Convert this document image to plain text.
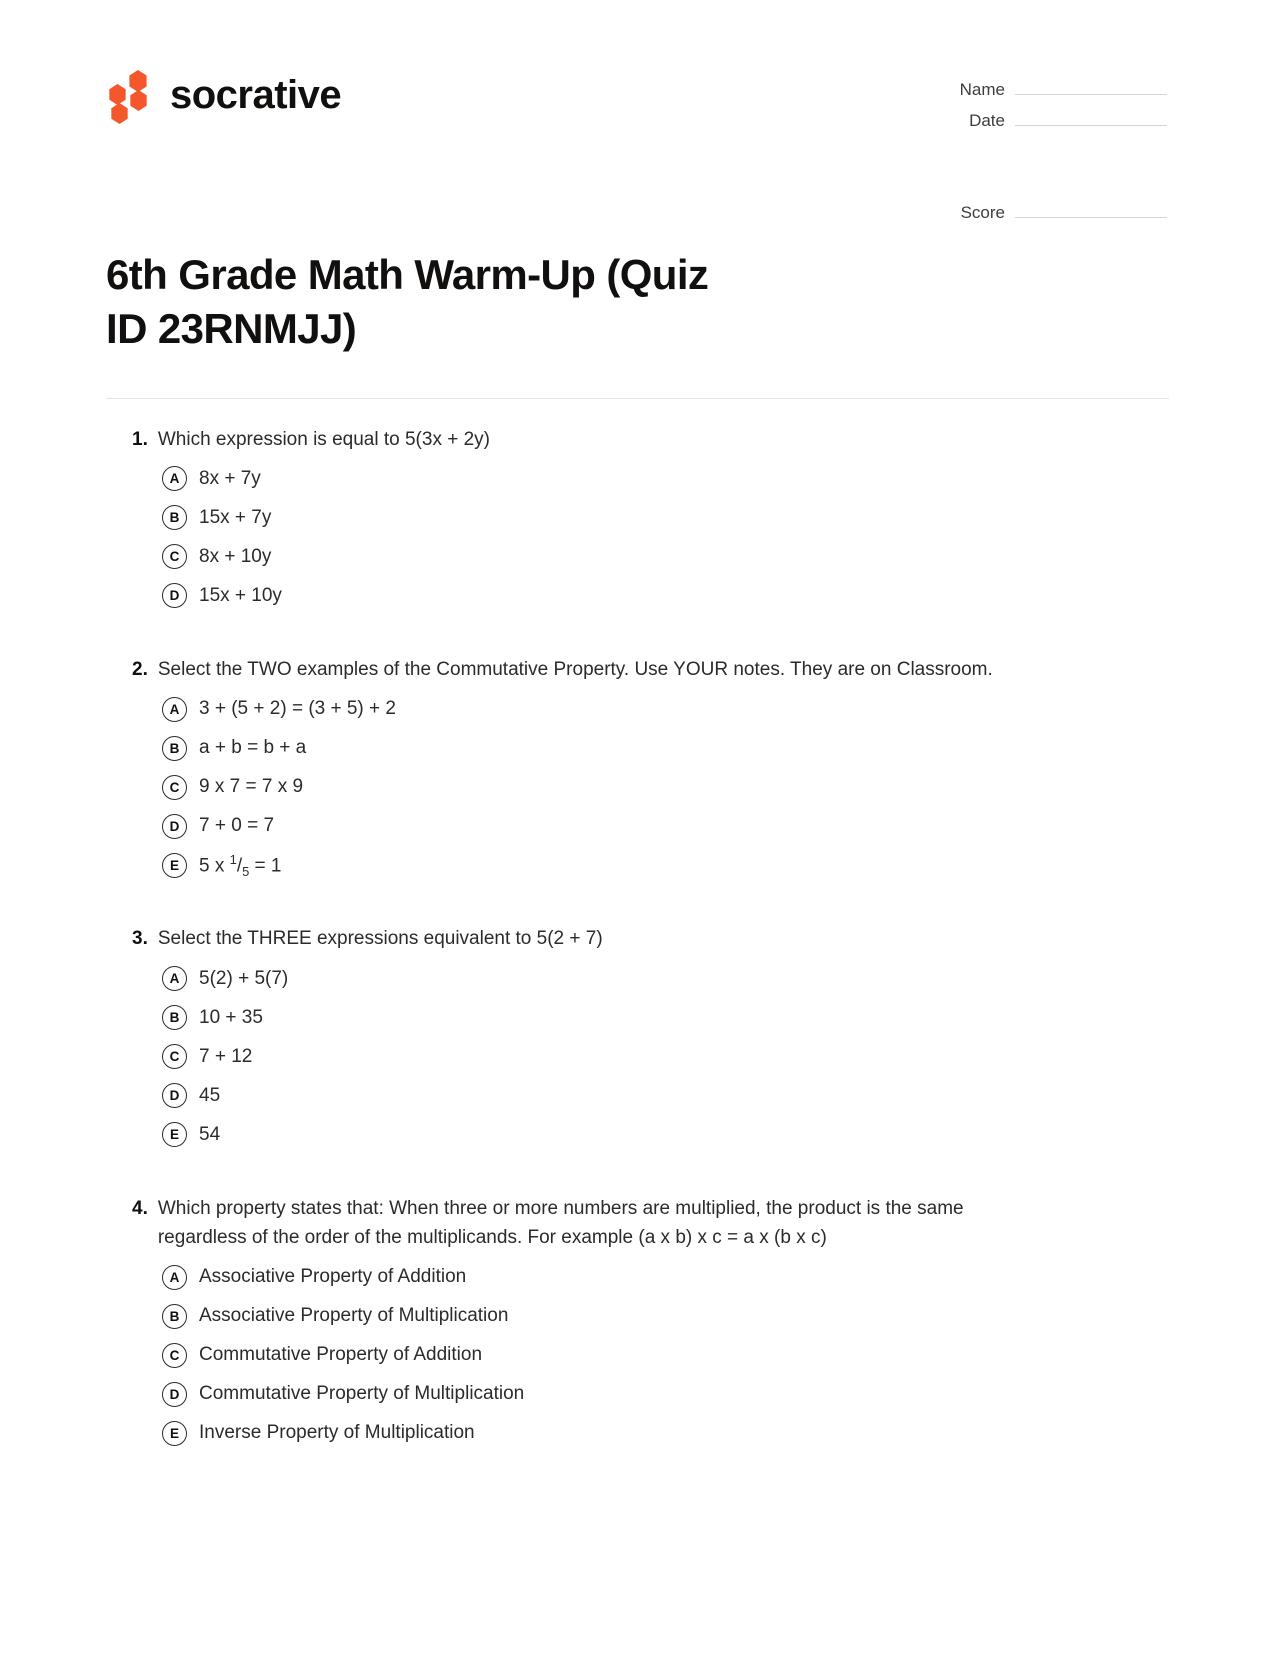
socrative	Name
Date
Score
6th Grade Math Warm-Up (Quiz ID 23RNMJJ)
1. Which expression is equal to 5(3x + 2y)
A	8x + 7y
B	15x + 7y
C	8x + 10y
D	15x + 10y
2. Select the TWO examples of the Commutative Property. Use YOUR notes. They are on Classroom.
A	3 + (5 + 2) = (3 + 5) + 2
B	a + b = b + a
C	9 x 7 = 7 x 9
D	7 + 0 = 7
E	5 x $^1/_5 = 1$
3. Select the THREE expressions equivalent to 5(2 + 7)
A	5(2) + 5(7)
B	10 + 35
C	7 + 12
D	45
E	54
4. Which property states that: When three or more numbers are multiplied, the product is the same regardless of the order of the multiplicands. For example (a x b) x c = a x (b x c)
A	Associative Property of Addition
B	Associative Property of Multiplication
C	Commutative Property of Addition
D	Commutative Property of Multiplication
E	Inverse Property of Multiplication
